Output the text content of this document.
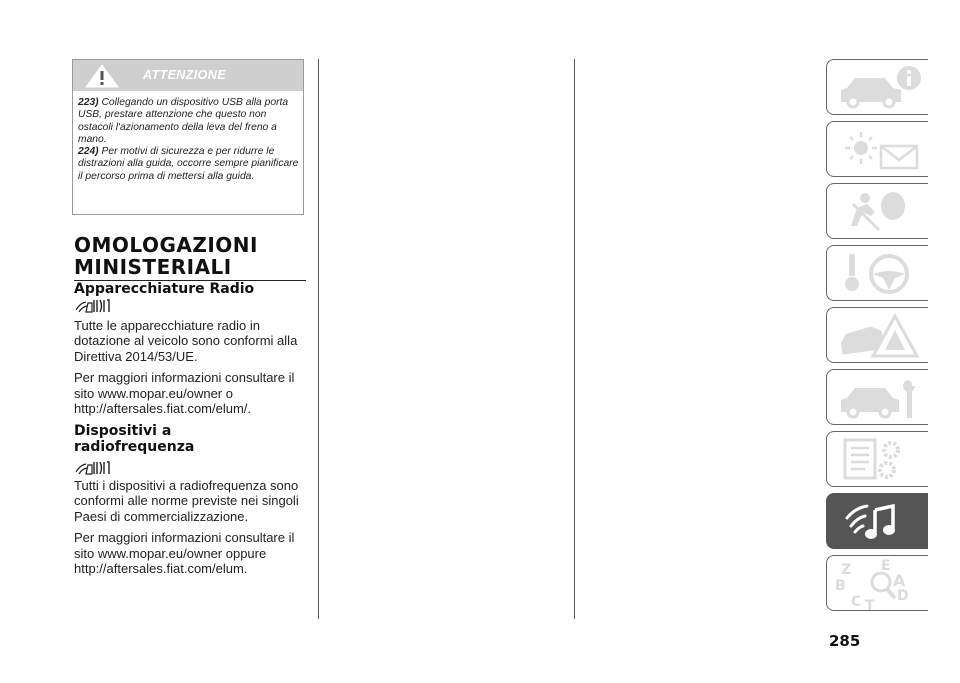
ATTENZIONE

223) Collegando un dispositivo USB alla porta USB, prestare attenzione che questo non ostacoli l'azionamento della leva del freno a mano.

224) Per motivi di sicurezza e per ridurre le distrazioni alla guida, occorre sempre pianificare il percorso prima di mettersi alla guida.

OMOLOGAZIONI
MINISTERIALI
Apparecchiature Radio

Tutte le apparecchiature radio in dotazione al veicolo sono conformi alla Direttiva 2014/53/UE.

Per maggiori informazioni consultare il sito www.mopar.eu/owner o http://aftersales.fiat.com/elum/.

Dispositivi a
radiofrequenza

Tutti i dispositivi a radiofrequenza sono conformi alle norme previste nei singoli Paesi di commercializzazione.

Per maggiori informazioni consultare il sito www.mopar.eu/owner oppure http://aftersales.fiat.com/elum.	Z E
A
B
C T
D
285
